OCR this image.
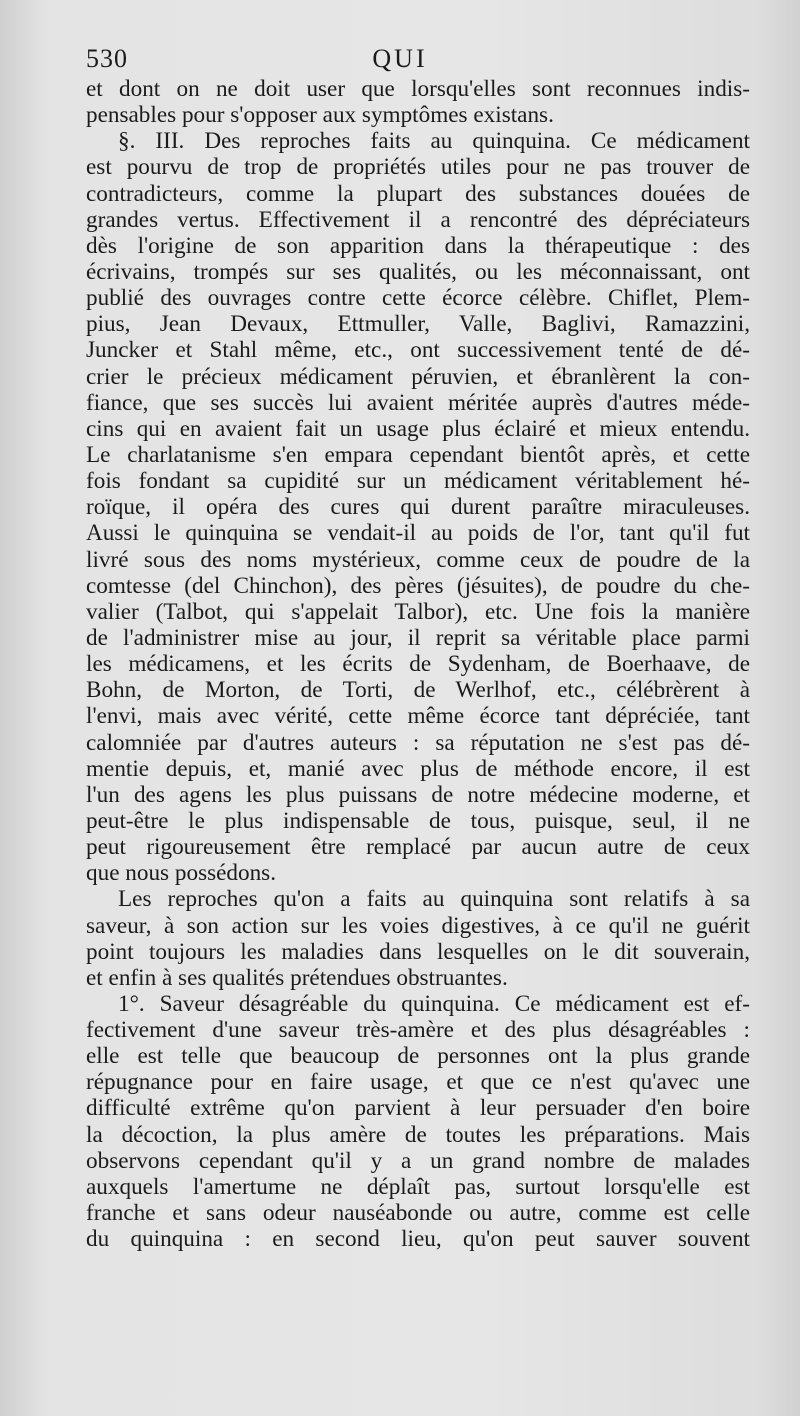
530	QUI
et dont on ne doit user que lorsqu'elles sont reconnues indis-
pensables pour s'opposer aux symptômes existans.
§. III. Des reproches faits au quinquina. Ce médicament
est pourvu de trop de propriétés utiles pour ne pas trouver de
contradicteurs, comme la plupart des substances douées de
grandes vertus. Effectivement il a rencontré des dépréciateurs
dès l'origine de son apparition dans la thérapeutique : des
écrivains, trompés sur ses qualités, ou les méconnaissant, ont
publié des ouvrages contre cette écorce célèbre. Chiflet, Plem-
pius, Jean Devaux, Ettmuller, Valle, Baglivi, Ramazzini,
Juncker et Stahl même, etc., ont successivement tenté de dé-
crier le précieux médicament péruvien, et ébranlèrent la con-
fiance, que ses succès lui avaient méritée auprès d'autres méde-
cins qui en avaient fait un usage plus éclairé et mieux entendu.
Le charlatanisme s'en empara cependant bientôt après, et cette
fois fondant sa cupidité sur un médicament véritablement hé-
roïque, il opéra des cures qui durent paraître miraculeuses.
Aussi le quinquina se vendait-il au poids de l'or, tant qu'il fut
livré sous des noms mystérieux, comme ceux de poudre de la
comtesse (del Chinchon), des pères (jésuites), de poudre du che-
valier (Talbot, qui s'appelait Talbor), etc. Une fois la manière
de l'administrer mise au jour, il reprit sa véritable place parmi
les médicamens, et les écrits de Sydenham, de Boerhaave, de
Bohn, de Morton, de Torti, de Werlhof, etc., célébrèrent à
l'envi, mais avec vérité, cette même écorce tant dépréciée, tant
calomniée par d'autres auteurs : sa réputation ne s'est pas dé-
mentie depuis, et, manié avec plus de méthode encore, il est
l'un des agens les plus puissans de notre médecine moderne, et
peut-être le plus indispensable de tous, puisque, seul, il ne
peut rigoureusement être remplacé par aucun autre de ceux
que nous possédons.
Les reproches qu'on a faits au quinquina sont relatifs à sa
saveur, à son action sur les voies digestives, à ce qu'il ne guérit
point toujours les maladies dans lesquelles on le dit souverain,
et enfin à ses qualités prétendues obstruantes.
1°. Saveur désagréable du quinquina. Ce médicament est ef-
fectivement d'une saveur très-amère et des plus désagréables :
elle est telle que beaucoup de personnes ont la plus grande
répugnance pour en faire usage, et que ce n'est qu'avec une
difficulté extrême qu'on parvient à leur persuader d'en boire
la décoction, la plus amère de toutes les préparations. Mais
observons cependant qu'il y a un grand nombre de malades
auxquels l'amertume ne déplaît pas, surtout lorsqu'elle est
franche et sans odeur nauséabonde ou autre, comme est celle
du quinquina : en second lieu, qu'on peut sauver souvent
